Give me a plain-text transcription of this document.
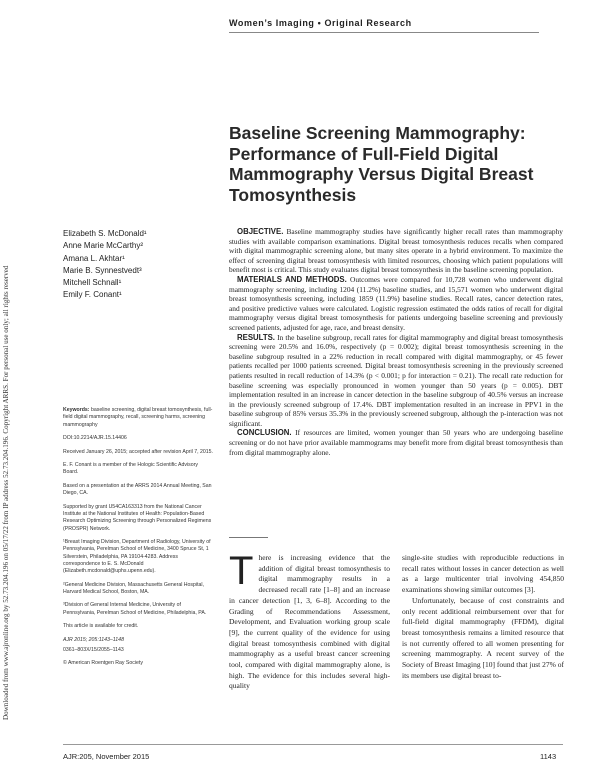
Women’s Imaging • Original Research
Downloaded from www.ajronline.org by 52.73.204.196 on 05/17/22 from IP address 52.73.204.196. Copyright ARRS. For personal use only; all rights reserved
Baseline Screening Mammography: Performance of Full-Field Digital Mammography Versus Digital Breast Tomosynthesis
Elizabeth S. McDonald¹
Anne Marie McCarthy²
Amana L. Akhtar¹
Marie B. Synnestvedt³
Mitchell Schnall¹
Emily F. Conant¹

Keywords: baseline screening, digital breast tomosynthesis, full-field digital mammography, recall, screening harms, screening mammography

DOI:10.2214/AJR.15.14406

Received January 26, 2015; accepted after revision April 7, 2015.

E. F. Conant is a member of the Hologic Scientific Advisory Board.

Based on a presentation at the ARRS 2014 Annual Meeting, San Diego, CA.

Supported by grant U54CA163313 from the National Cancer Institute at the National Institutes of Health: Population-Based Research Optimizing Screening through Personalized Regimens (PROSPR) Network.

¹Breast Imaging Division, Department of Radiology, University of Pennsylvania, Perelman School of Medicine, 3400 Spruce St, 1 Silverstein, Philadelphia, PA 19104-4283. Address correspondence to E. S. McDonald (Elizabeth.mcdonald@uphs.upenn.edu).

²General Medicine Division, Massachusetts General Hospital, Harvard Medical School, Boston, MA.

³Division of General Internal Medicine, University of Pennsylvania, Perelman School of Medicine, Philadelphia, PA.

This article is available for credit.

AJR 2015; 205:1143–1148

0361–803X/15/2055–1143

© American Roentgen Ray Society

OBJECTIVE. Baseline mammography studies have significantly higher recall rates than mammography studies with available comparison examinations. Digital breast tomosynthesis reduces recalls when compared with digital mammographic screening alone, but many sites operate in a hybrid environment. To maximize the effect of screening digital breast tomosynthesis with limited resources, choosing which patient populations will benefit most is critical. This study evaluates digital breast tomosynthesis in the baseline screening population.

MATERIALS AND METHODS. Outcomes were compared for 10,728 women who underwent digital mammography screening, including 1204 (11.2%) baseline studies, and 15,571 women who underwent digital breast tomosynthesis screening, including 1859 (11.9%) baseline studies. Recall rates, cancer detection rates, and positive predictive values were calculated. Logistic regression estimated the odds ratios of recall for digital mammography versus digital breast tomosynthesis for patients undergoing baseline screening and previously screened patients, adjusted for age, race, and breast density.

RESULTS. In the baseline subgroup, recall rates for digital mammography and digital breast tomosynthesis screening were 20.5% and 16.0%, respectively (p = 0.002); digital breast tomosynthesis screening in the baseline subgroup resulted in a 22% reduction in recall compared with digital mammography, or 45 fewer patients recalled per 1000 patients screened. Digital breast tomosynthesis screening in the previously screened patients resulted in recall reduction of 14.3% (p < 0.001; p for interaction = 0.21). The recall rate reduction for baseline screening was especially pronounced in women younger than 50 years (p = 0.005). DBT implementation resulted in an increase in cancer detection in the baseline subgroup of 40.5% versus an increase in the previously screened subgroup of 17.4%. DBT implementation resulted in an increase in PPV1 in the baseline subgroup of 85% versus 35.3% in the previously screened subgroup, although the p-interaction was not significant.

CONCLUSION. If resources are limited, women younger than 50 years who are undergoing baseline screening or do not have prior available mammograms may benefit more from digital breast tomosynthesis than from digital mammography alone.

There is increasing evidence that the addition of digital breast tomosynthesis to digital mammography results in a decreased recall rate [1–8] and an increase in cancer detection [1, 3, 6–8]. According to the Grading of Recommendations Assessment, Development, and Evaluation working group scale [9], the current quality of the evidence for using digital breast tomosynthesis combined with digital mammography as a useful breast cancer screening tool, compared with digital mammography alone, is high. The evidence for this includes several high-quality

single-site studies with reproducible reductions in recall rates without losses in cancer detection as well as a large multicenter trial involving 454,850 examinations showing similar outcomes [3].

Unfortunately, because of cost constraints and only recent additional reimbursement over that for full-field digital mammography (FFDM), digital breast tomosynthesis remains a limited resource that is not currently offered to all women presenting for screening mammography. A recent survey of the Society of Breast Imaging [10] found that just 27% of its members use digital breast to-

AJR:205, November 2015	1143
